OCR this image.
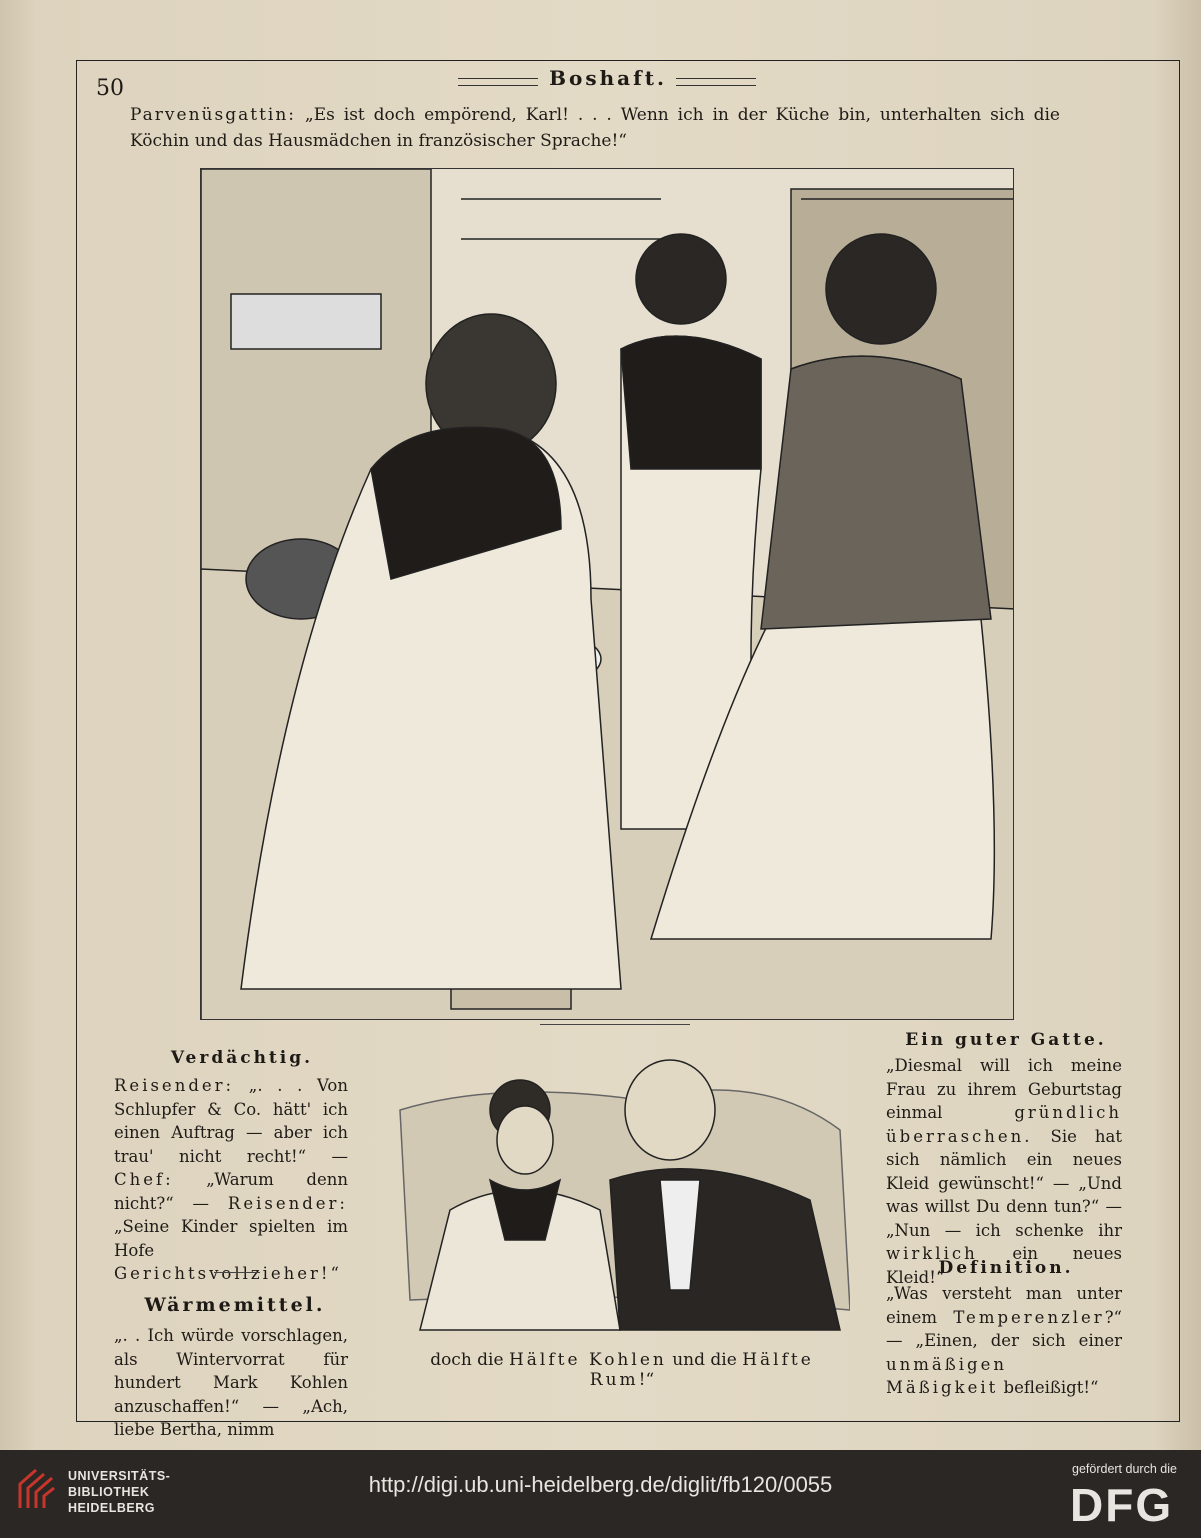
50	Boshaft.
Parvenüsgattin: „Es ist doch empörend, Karl! . . . Wenn ich in der Küche bin, unterhalten sich die Köchin und das Hausmädchen in französischer Sprache!“
Verdächtig.
Reisender: „. . . Von Schlupfer & Co. hätt' ich einen Auftrag — aber ich trau' nicht recht!“ — Chef: „Warum denn nicht?“ — Reisender: „Seine Kinder spielten im Hofe Gerichtsvollzieher!“
Wärmemittel.
„. . Ich würde vorschlagen, als Wintervorrat für hundert Mark Kohlen anzuschaffen!“ — „Ach, liebe Bertha, nimm
doch die Hälfte Kohlen und die Hälfte Rum!“
Ein guter Gatte.
„Diesmal will ich meine Frau zu ihrem Geburtstag einmal gründlich überraschen. Sie hat sich nämlich ein neues Kleid gewünscht!“ — „Und was willst Du denn tun?“ — „Nun — ich schenke ihr wirklich ein neues Kleid!“
Definition.
„Was versteht man unter einem Temperenzler?“ — „Einen, der sich einer unmäßigen Mäßigkeit befleißigt!“
UNIVERSITÄTS-
BIBLIOTHEK
HEIDELBERG
http://digi.ub.uni-heidelberg.de/diglit/fb120/0055
gefördert durch die
DFG
